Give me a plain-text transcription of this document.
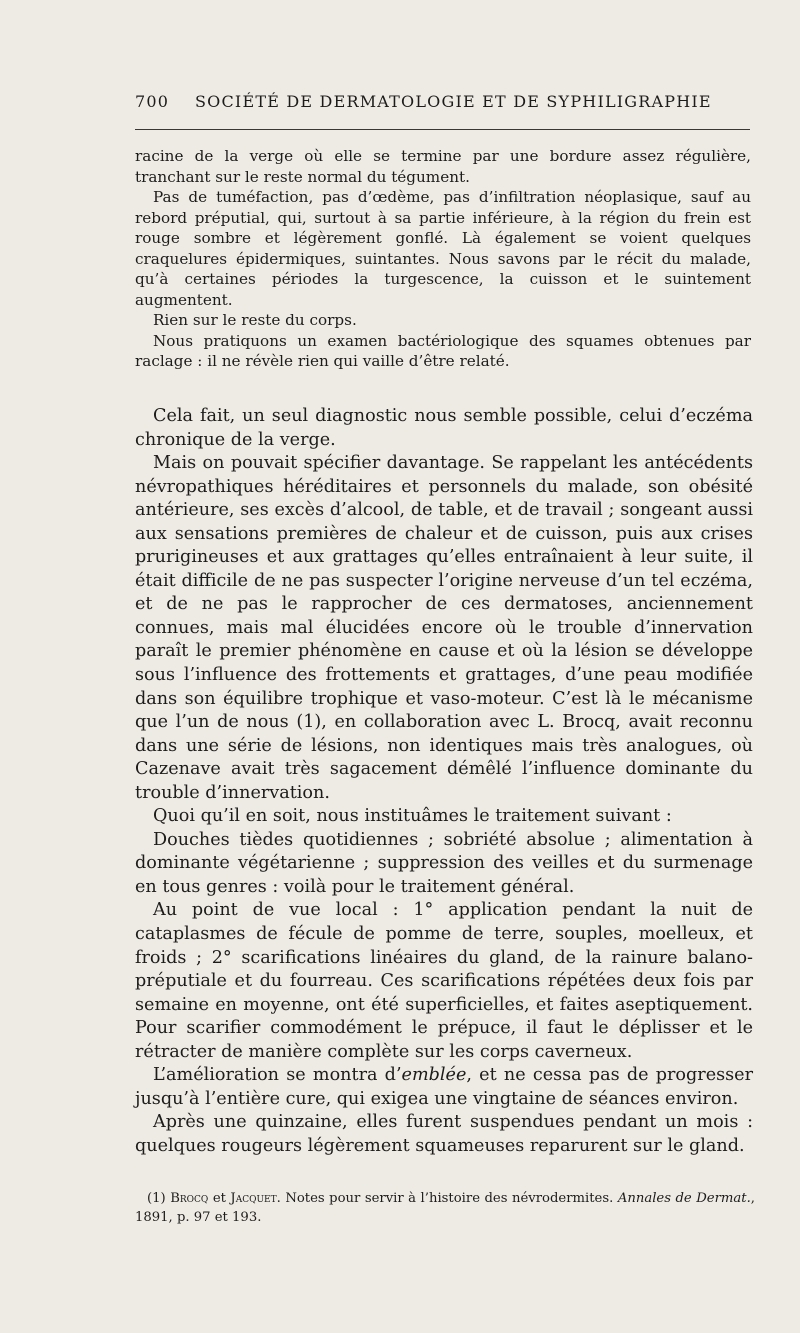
700 SOCIÉTÉ DE DERMATOLOGIE ET DE SYPHILIGRAPHIE

racine de la verge où elle se termine par une bordure assez régulière, tranchant sur le reste normal du tégument.

Pas de tuméfaction, pas d’œdème, pas d’infiltration néoplasique, sauf au rebord préputial, qui, surtout à sa partie inférieure, à la région du frein est rouge sombre et légèrement gonflé. Là également se voient quelques craquelures épidermiques, suintantes. Nous savons par le récit du malade, qu’à certaines périodes la turgescence, la cuisson et le suintement augmentent.

Rien sur le reste du corps.

Nous pratiquons un examen bactériologique des squames obtenues par raclage : il ne révèle rien qui vaille d’être relaté.

Cela fait, un seul diagnostic nous semble possible, celui d’eczéma chronique de la verge.

Mais on pouvait spécifier davantage. Se rappelant les antécédents névropathiques héréditaires et personnels du malade, son obésité antérieure, ses excès d’alcool, de table, et de travail ; songeant aussi aux sensations premières de chaleur et de cuisson, puis aux crises prurigineuses et aux grattages qu’elles entraînaient à leur suite, il était difficile de ne pas suspecter l’origine nerveuse d’un tel eczéma, et de ne pas le rapprocher de ces dermatoses, anciennement connues, mais mal élucidées encore où le trouble d’innervation paraît le premier phénomène en cause et où la lésion se développe sous l’influence des frottements et grattages, d’une peau modifiée dans son équilibre trophique et vaso-moteur. C’est là le mécanisme que l’un de nous (1), en collaboration avec L. Brocq, avait reconnu dans une série de lésions, non identiques mais très analogues, où Cazenave avait très sagacement démêlé l’influence dominante du trouble d’innervation.

Quoi qu’il en soit, nous instituâmes le traitement suivant :

Douches tièdes quotidiennes ; sobriété absolue ; alimentation à dominante végétarienne ; suppression des veilles et du surmenage en tous genres : voilà pour le traitement général.

Au point de vue local : 1° application pendant la nuit de cataplasmes de fécule de pomme de terre, souples, moelleux, et froids ; 2° scarifications linéaires du gland, de la rainure balano-préputiale et du fourreau. Ces scarifications répétées deux fois par semaine en moyenne, ont été superficielles, et faites aseptiquement. Pour scarifier commodément le prépuce, il faut le déplisser et le rétracter de manière complète sur les corps caverneux.

L’amélioration se montra d’emblée, et ne cessa pas de progresser jusqu’à l’entière cure, qui exigea une vingtaine de séances environ.

Après une quinzaine, elles furent suspendues pendant un mois : quelques rougeurs légèrement squameuses reparurent sur le gland.

(1) Brocq et Jacquet. Notes pour servir à l’histoire des névrodermites. Annales de Dermat., 1891, p. 97 et 193.
